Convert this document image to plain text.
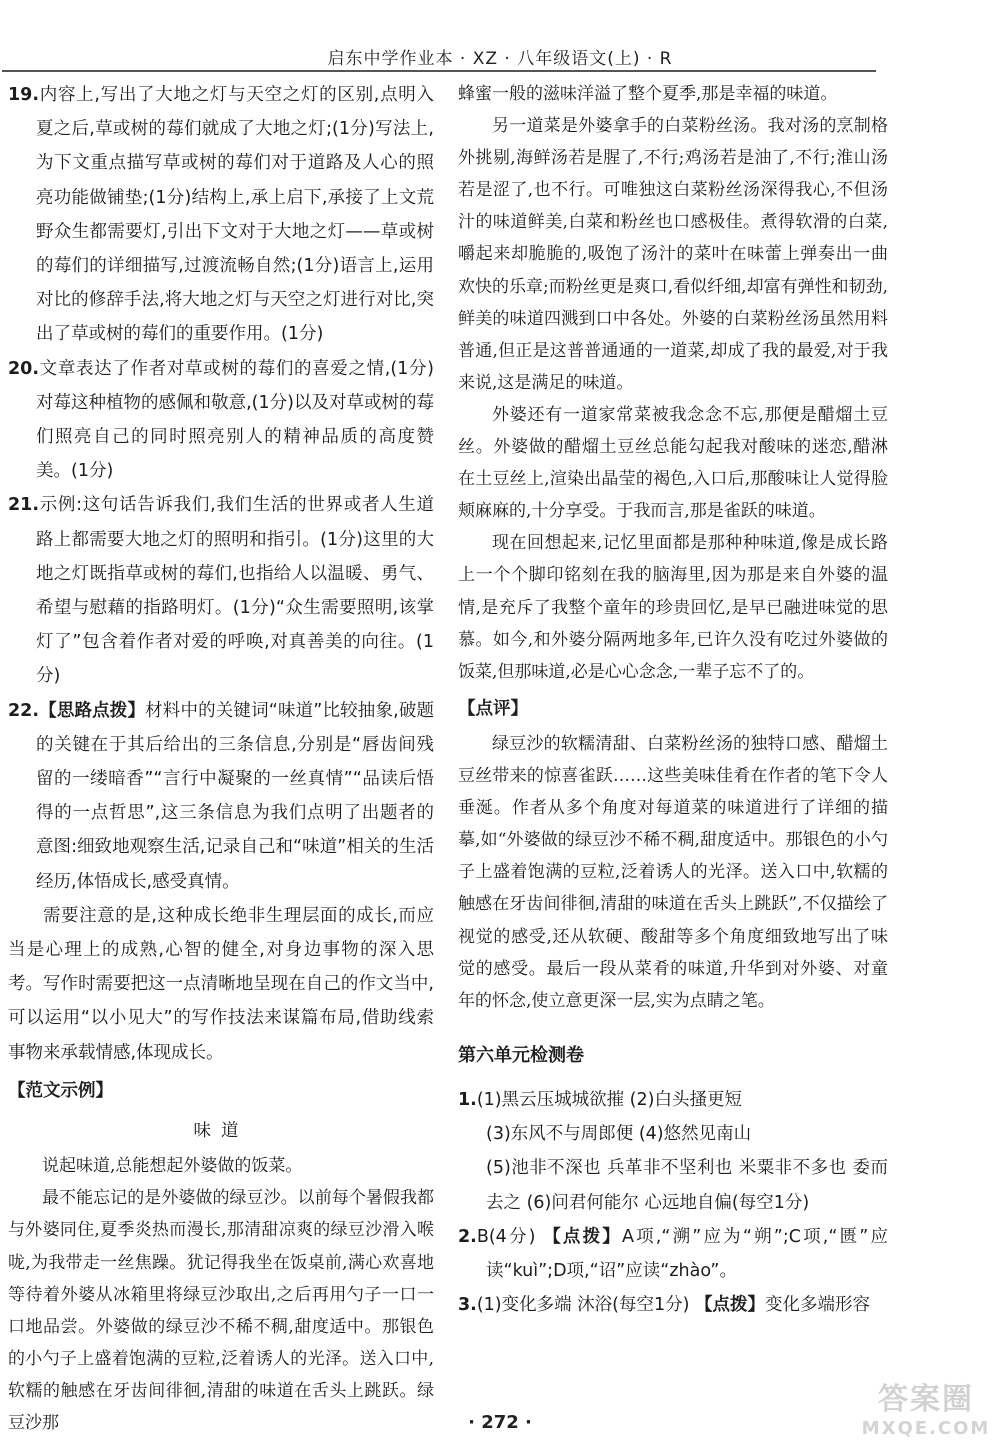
启东中学作业本 · XZ · 八年级语文(上) · R

19.内容上,写出了大地之灯与天空之灯的区别,点明入夏之后,草或树的莓们就成了大地之灯;(1分)写法上,为下文重点描写草或树的莓们对于道路及人心的照亮功能做铺垫;(1分)结构上,承上启下,承接了上文荒野众生都需要灯,引出下文对于大地之灯——草或树的莓们的详细描写,过渡流畅自然;(1分)语言上,运用对比的修辞手法,将大地之灯与天空之灯进行对比,突出了草或树的莓们的重要作用。(1分)

20.文章表达了作者对草或树的莓们的喜爱之情,(1分)对莓这种植物的感佩和敬意,(1分)以及对草或树的莓们照亮自己的同时照亮别人的精神品质的高度赞美。(1分)

21.示例:这句话告诉我们,我们生活的世界或者人生道路上都需要大地之灯的照明和指引。(1分)这里的大地之灯既指草或树的莓们,也指给人以温暖、勇气、希望与慰藉的指路明灯。(1分)“众生需要照明,该掌灯了”包含着作者对爱的呼唤,对真善美的向往。(1分)

22.【思路点拨】材料中的关键词“味道”比较抽象,破题的关键在于其后给出的三条信息,分别是“唇齿间残留的一缕暗香”“言行中凝聚的一丝真情”“品读后悟得的一点哲思”,这三条信息为我们点明了出题者的意图:细致地观察生活,记录自己和“味道”相关的生活经历,体悟成长,感受真情。

需要注意的是,这种成长绝非生理层面的成长,而应当是心理上的成熟,心智的健全,对身边事物的深入思考。写作时需要把这一点清晰地呈现在自己的作文当中,可以运用“以小见大”的写作技法来谋篇布局,借助线索事物来承载情感,体现成长。

【范文示例】
味道

说起味道,总能想起外婆做的饭菜。

最不能忘记的是外婆做的绿豆沙。以前每个暑假我都与外婆同住,夏季炎热而漫长,那清甜凉爽的绿豆沙滑入喉咙,为我带走一丝焦躁。犹记得我坐在饭桌前,满心欢喜地等待着外婆从冰箱里将绿豆沙取出,之后再用勺子一口一口地品尝。外婆做的绿豆沙不稀不稠,甜度适中。那银色的小勺子上盛着饱满的豆粒,泛着诱人的光泽。送入口中,软糯的触感在牙齿间徘徊,清甜的味道在舌头上跳跃。绿豆沙那

蜂蜜一般的滋味洋溢了整个夏季,那是幸福的味道。

另一道菜是外婆拿手的白菜粉丝汤。我对汤的烹制格外挑剔,海鲜汤若是腥了,不行;鸡汤若是油了,不行;淮山汤若是涩了,也不行。可唯独这白菜粉丝汤深得我心,不但汤汁的味道鲜美,白菜和粉丝也口感极佳。煮得软滑的白菜,嚼起来却脆脆的,吸饱了汤汁的菜叶在味蕾上弹奏出一曲欢快的乐章;而粉丝更是爽口,看似纤细,却富有弹性和韧劲,鲜美的味道四溅到口中各处。外婆的白菜粉丝汤虽然用料普通,但正是这普普通通的一道菜,却成了我的最爱,对于我来说,这是满足的味道。

外婆还有一道家常菜被我念念不忘,那便是醋熘土豆丝。外婆做的醋熘土豆丝总能勾起我对酸味的迷恋,醋淋在土豆丝上,渲染出晶莹的褐色,入口后,那酸味让人觉得脸颊麻麻的,十分享受。于我而言,那是雀跃的味道。

现在回想起来,记忆里面都是那种种味道,像是成长路上一个个脚印铭刻在我的脑海里,因为那是来自外婆的温情,是充斥了我整个童年的珍贵回忆,是早已融进味觉的思慕。如今,和外婆分隔两地多年,已许久没有吃过外婆做的饭菜,但那味道,必是心心念念,一辈子忘不了的。

【点评】

绿豆沙的软糯清甜、白菜粉丝汤的独特口感、醋熘土豆丝带来的惊喜雀跃……这些美味佳肴在作者的笔下令人垂涎。作者从多个角度对每道菜的味道进行了详细的描摹,如“外婆做的绿豆沙不稀不稠,甜度适中。那银色的小勺子上盛着饱满的豆粒,泛着诱人的光泽。送入口中,软糯的触感在牙齿间徘徊,清甜的味道在舌头上跳跃”,不仅描绘了视觉的感受,还从软硬、酸甜等多个角度细致地写出了味觉的感受。最后一段从菜肴的味道,升华到对外婆、对童年的怀念,使立意更深一层,实为点睛之笔。

第六单元检测卷

1.(1)黑云压城城欲摧 (2)白头搔更短

(3)东风不与周郎便 (4)悠然见南山

(5)池非不深也 兵革非不坚利也 米粟非不多也 委而去之 (6)问君何能尔 心远地自偏(每空1分)

2.B(4分) 【点拨】A项,“溯”应为“朔”;C项,“匮”应读“kuì”;D项,“诏”应读“zhào”。

3.(1)变化多端 沐浴(每空1分) 【点拨】变化多端形容

· 272 ·
答案圈
MXQE.COM
